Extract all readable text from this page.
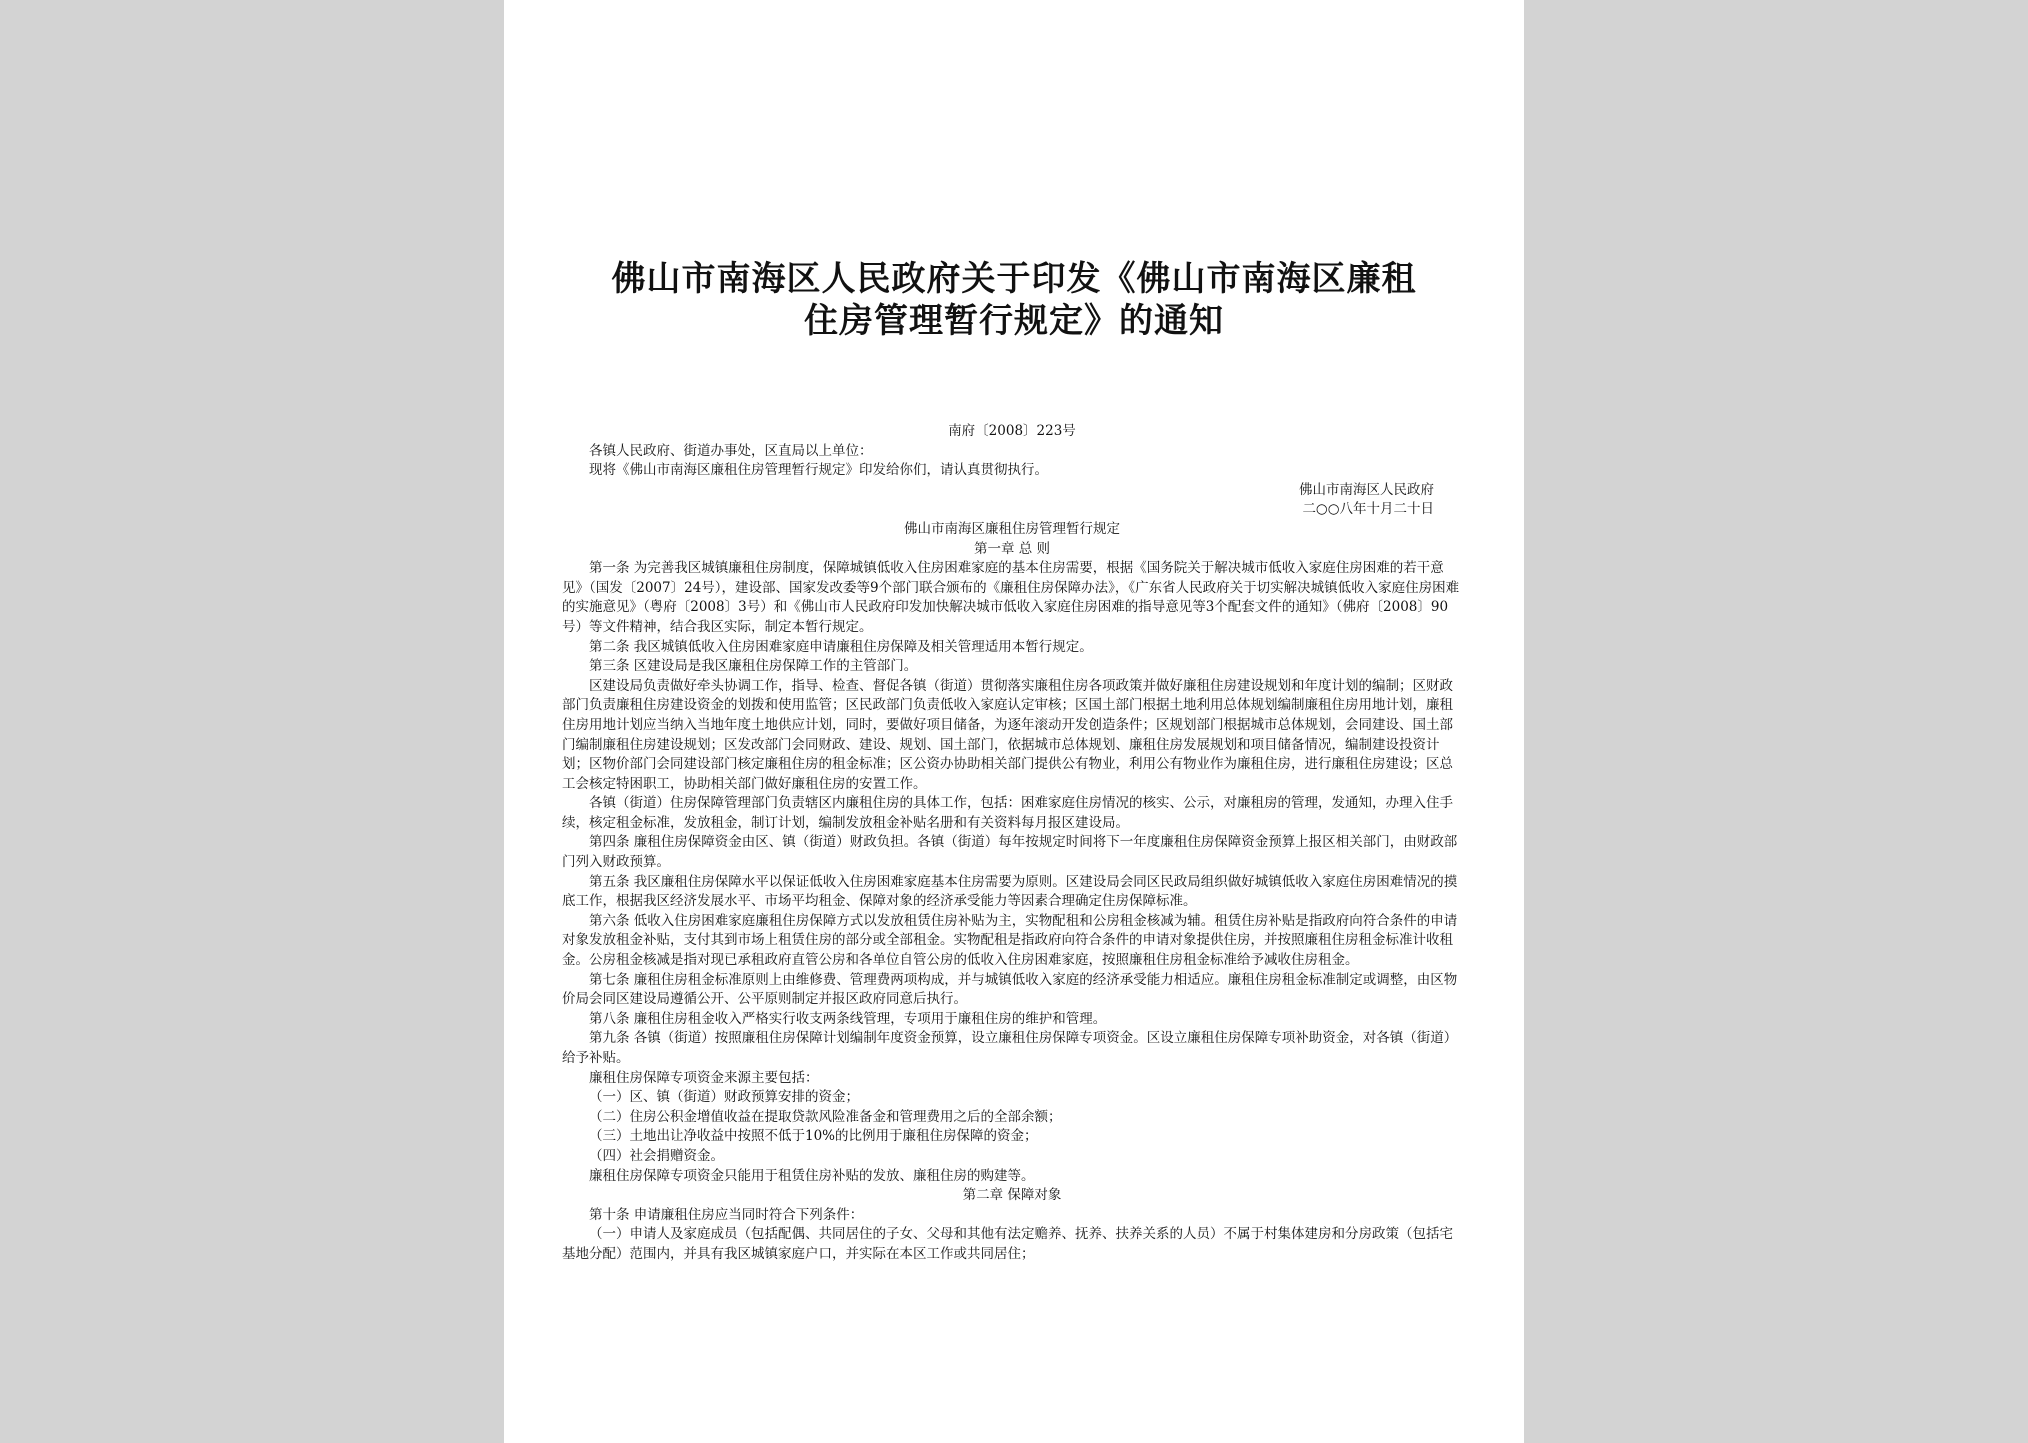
佛山市南海区人民政府关于印发《佛山市南海区廉租
住房管理暂行规定》的通知

南府〔2008〕223号

各镇人民政府、街道办事处，区直局以上单位：

现将《佛山市南海区廉租住房管理暂行规定》印发给你们，请认真贯彻执行。

佛山市南海区人民政府

二○○八年十月二十日

佛山市南海区廉租住房管理暂行规定

第一章 总 则

第一条 为完善我区城镇廉租住房制度，保障城镇低收入住房困难家庭的基本住房需要，根据《国务院关于解决城市低收入家庭住房困难的若干意见》（国发〔2007〕24号），建设部、国家发改委等9个部门联合颁布的《廉租住房保障办法》，《广东省人民政府关于切实解决城镇低收入家庭住房困难的实施意见》（粤府〔2008〕3号）和《佛山市人民政府印发加快解决城市低收入家庭住房困难的指导意见等3个配套文件的通知》（佛府〔2008〕90号）等文件精神，结合我区实际，制定本暂行规定。

第二条 我区城镇低收入住房困难家庭申请廉租住房保障及相关管理适用本暂行规定。

第三条 区建设局是我区廉租住房保障工作的主管部门。

区建设局负责做好牵头协调工作，指导、检查、督促各镇（街道）贯彻落实廉租住房各项政策并做好廉租住房建设规划和年度计划的编制；区财政部门负责廉租住房建设资金的划拨和使用监管；区民政部门负责低收入家庭认定审核；区国土部门根据土地利用总体规划编制廉租住房用地计划，廉租住房用地计划应当纳入当地年度土地供应计划，同时，要做好项目储备，为逐年滚动开发创造条件；区规划部门根据城市总体规划，会同建设、国土部门编制廉租住房建设规划；区发改部门会同财政、建设、规划、国土部门，依据城市总体规划、廉租住房发展规划和项目储备情况，编制建设投资计划；区物价部门会同建设部门核定廉租住房的租金标准；区公资办协助相关部门提供公有物业，利用公有物业作为廉租住房，进行廉租住房建设；区总工会核定特困职工，协助相关部门做好廉租住房的安置工作。

各镇（街道）住房保障管理部门负责辖区内廉租住房的具体工作，包括：困难家庭住房情况的核实、公示，对廉租房的管理，发通知，办理入住手续，核定租金标准，发放租金，制订计划，编制发放租金补贴名册和有关资料每月报区建设局。

第四条 廉租住房保障资金由区、镇（街道）财政负担。各镇（街道）每年按规定时间将下一年度廉租住房保障资金预算上报区相关部门，由财政部门列入财政预算。

第五条 我区廉租住房保障水平以保证低收入住房困难家庭基本住房需要为原则。区建设局会同区民政局组织做好城镇低收入家庭住房困难情况的摸底工作，根据我区经济发展水平、市场平均租金、保障对象的经济承受能力等因素合理确定住房保障标准。

第六条 低收入住房困难家庭廉租住房保障方式以发放租赁住房补贴为主，实物配租和公房租金核减为辅。租赁住房补贴是指政府向符合条件的申请对象发放租金补贴，支付其到市场上租赁住房的部分或全部租金。实物配租是指政府向符合条件的申请对象提供住房，并按照廉租住房租金标准计收租金。公房租金核减是指对现已承租政府直管公房和各单位自管公房的低收入住房困难家庭，按照廉租住房租金标准给予减收住房租金。

第七条 廉租住房租金标准原则上由维修费、管理费两项构成，并与城镇低收入家庭的经济承受能力相适应。廉租住房租金标准制定或调整，由区物价局会同区建设局遵循公开、公平原则制定并报区政府同意后执行。

第八条 廉租住房租金收入严格实行收支两条线管理，专项用于廉租住房的维护和管理。

第九条 各镇（街道）按照廉租住房保障计划编制年度资金预算，设立廉租住房保障专项资金。区设立廉租住房保障专项补助资金，对各镇（街道）给予补贴。

廉租住房保障专项资金来源主要包括：

（一）区、镇（街道）财政预算安排的资金；

（二）住房公积金增值收益在提取贷款风险准备金和管理费用之后的全部余额；

（三）土地出让净收益中按照不低于10%的比例用于廉租住房保障的资金；

（四）社会捐赠资金。

廉租住房保障专项资金只能用于租赁住房补贴的发放、廉租住房的购建等。

第二章 保障对象

第十条 申请廉租住房应当同时符合下列条件：

（一）申请人及家庭成员（包括配偶、共同居住的子女、父母和其他有法定赡养、抚养、扶养关系的人员）不属于村集体建房和分房政策（包括宅基地分配）范围内，并具有我区城镇家庭户口，并实际在本区工作或共同居住；
